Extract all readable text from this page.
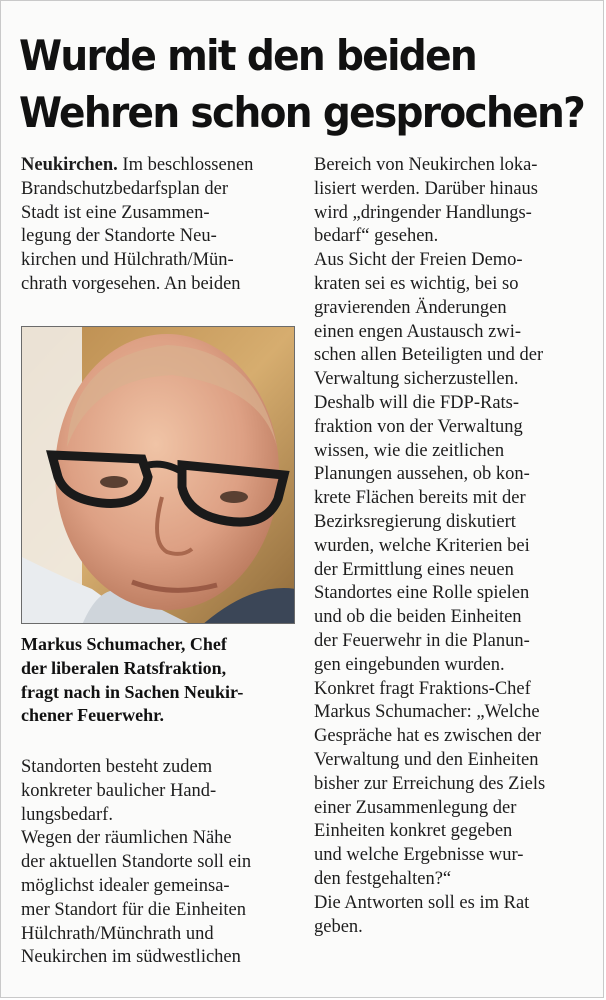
Wurde mit den beiden
Wehren schon gesprochen?
Neukirchen. Im beschlossenen
Brandschutzbedarfsplan der
Stadt ist eine Zusammen-
legung der Standorte Neu-
kirchen und Hülchrath/Mün-
chrath vorgesehen. An beiden
Markus Schumacher, Chef
der liberalen Ratsfraktion,
fragt nach in Sachen Neukir-
chener Feuerwehr.
Standorten besteht zudem
konkreter baulicher Hand-
lungsbedarf.
Wegen der räumlichen Nähe
der aktuellen Standorte soll ein
möglichst idealer gemeinsa-
mer Standort für die Einheiten
Hülchrath/Münchrath und
Neukirchen im südwestlichen
Bereich von Neukirchen loka-
lisiert werden. Darüber hinaus
wird „dringender Handlungs-
bedarf“ gesehen.
Aus Sicht der Freien Demo-
kraten sei es wichtig, bei so
gravierenden Änderungen
einen engen Austausch zwi-
schen allen Beteiligten und der
Verwaltung sicherzustellen.
Deshalb will die FDP-Rats-
fraktion von der Verwaltung
wissen, wie die zeitlichen
Planungen aussehen, ob kon-
krete Flächen bereits mit der
Bezirksregierung diskutiert
wurden, welche Kriterien bei
der Ermittlung eines neuen
Standortes eine Rolle spielen
und ob die beiden Einheiten
der Feuerwehr in die Planun-
gen eingebunden wurden.
Konkret fragt Fraktions-Chef
Markus Schumacher: „Welche
Gespräche hat es zwischen der
Verwaltung und den Einheiten
bisher zur Erreichung des Ziels
einer Zusammenlegung der
Einheiten konkret gegeben
und welche Ergebnisse wur-
den festgehalten?“
Die Antworten soll es im Rat
geben.
